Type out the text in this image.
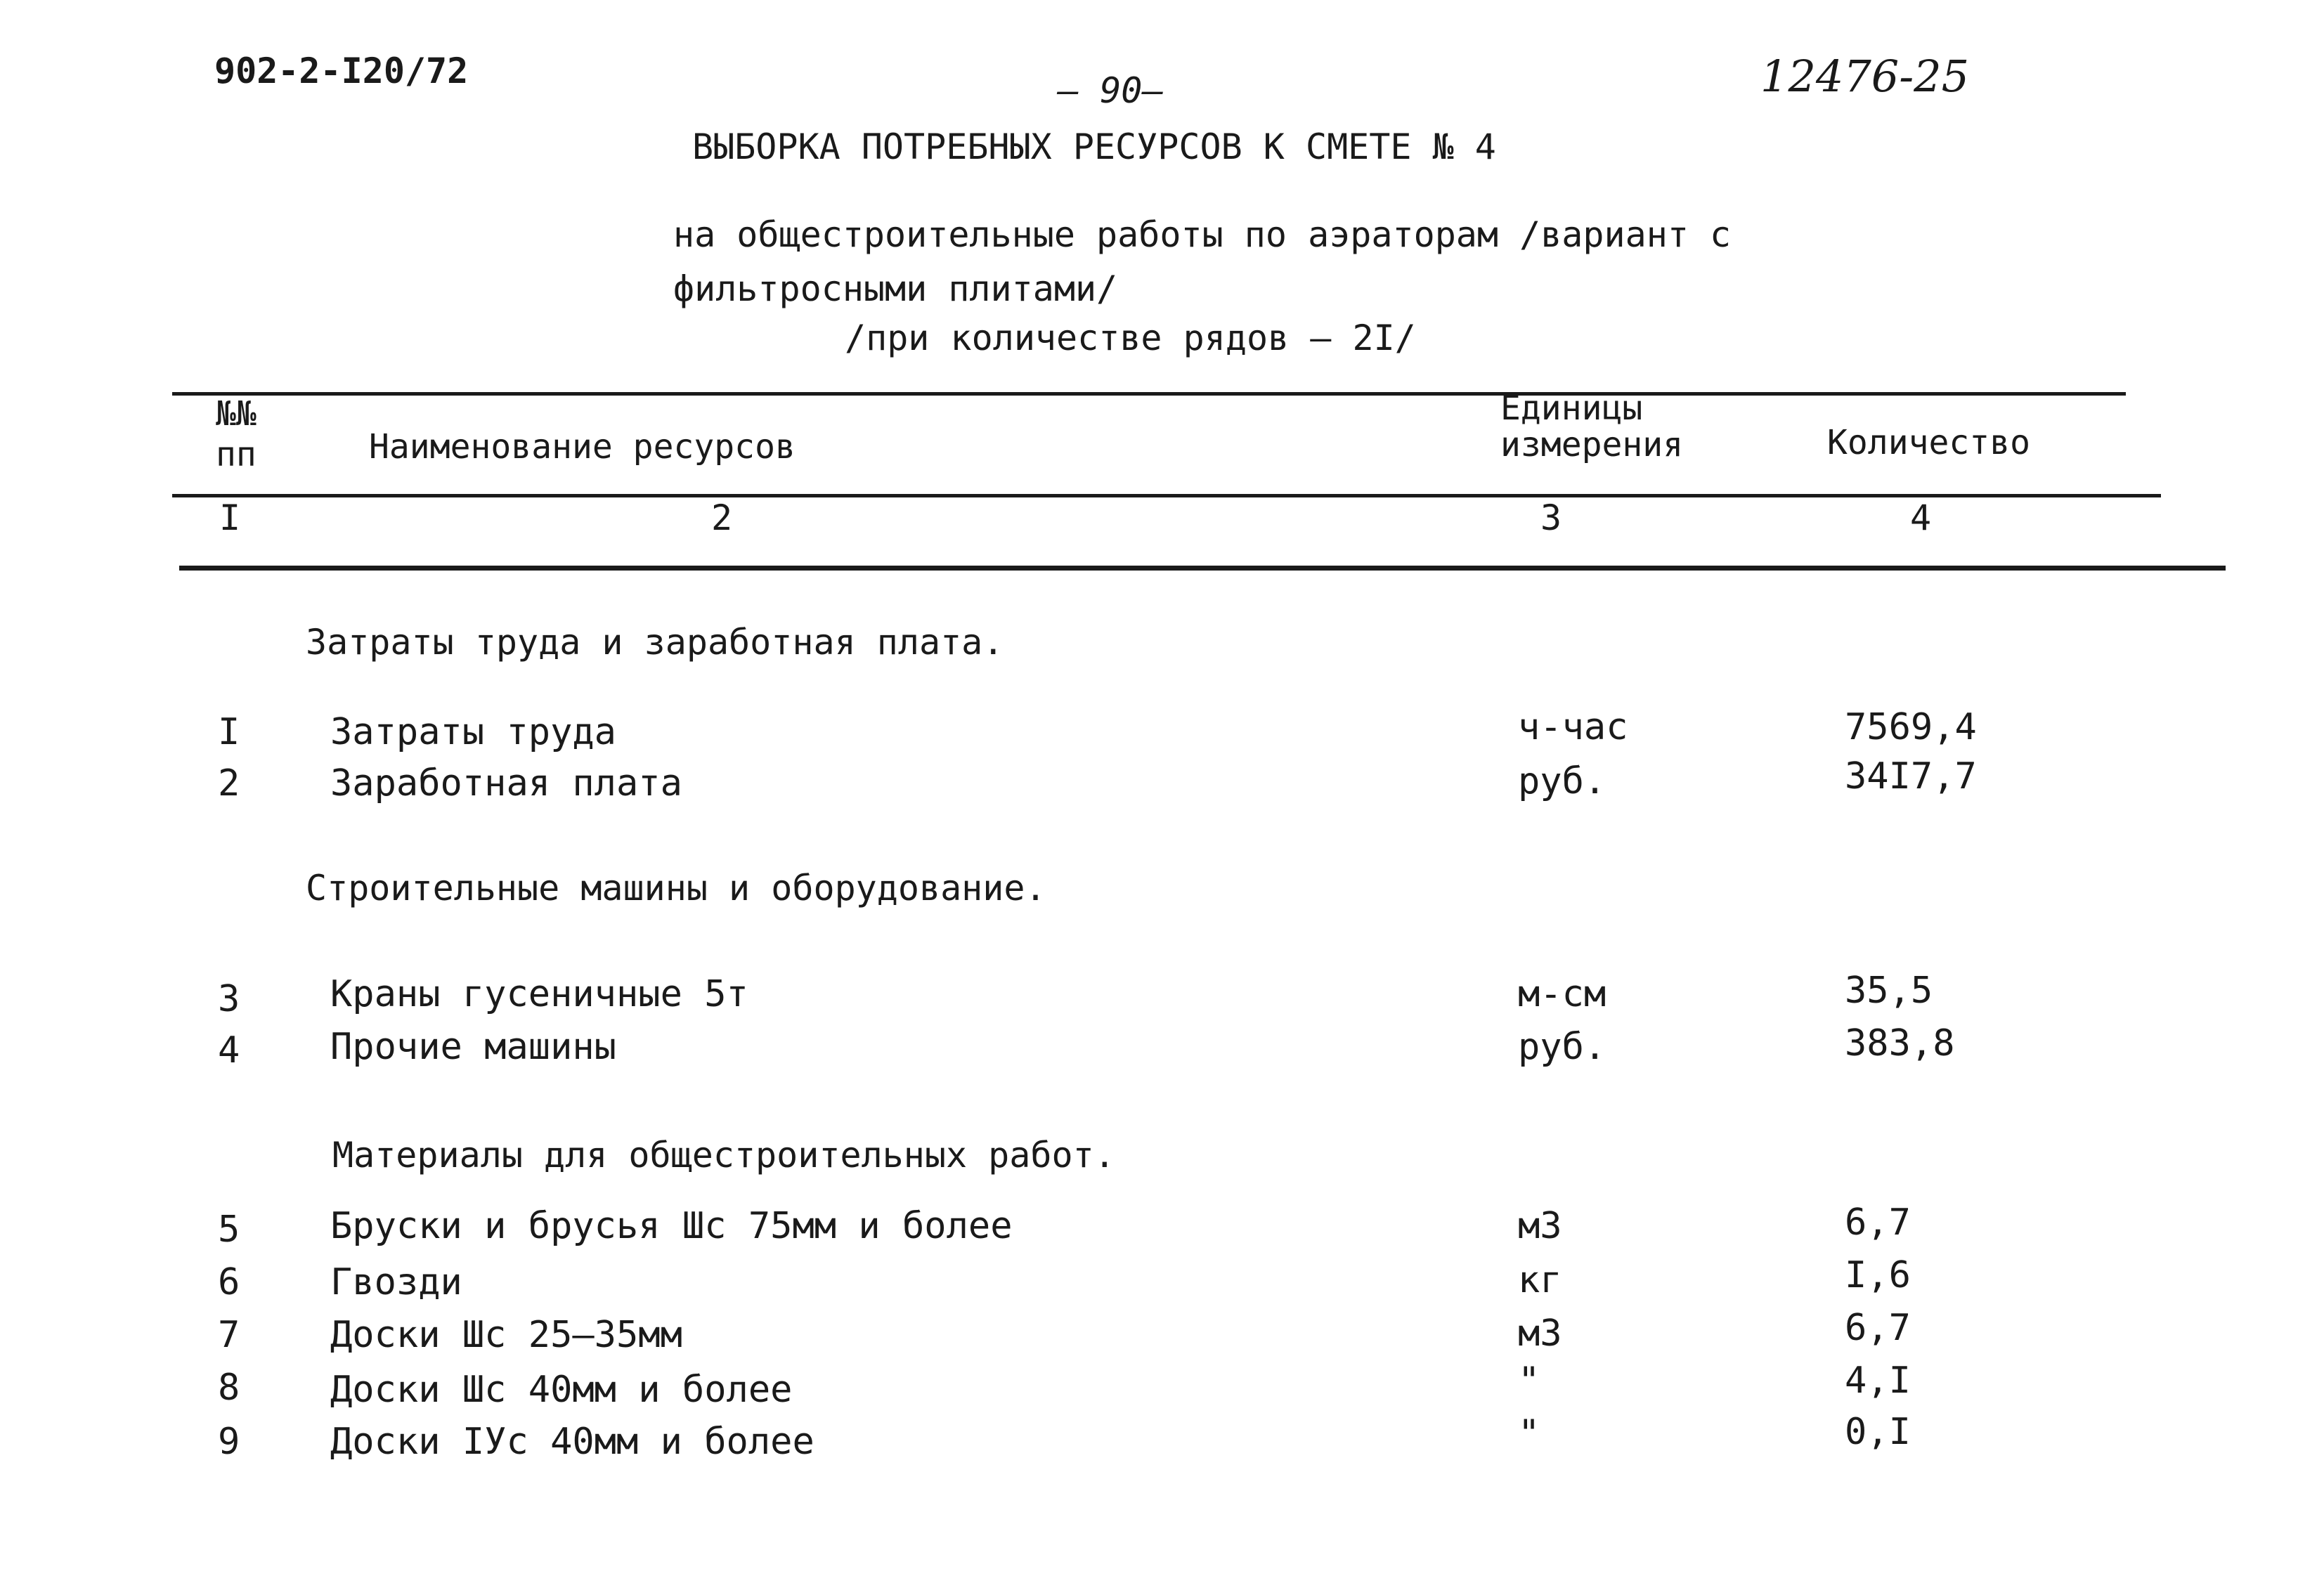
902-2-I20/72	– 90–	12476-25
ВЫБОРКА ПОТРЕБНЫХ РЕСУРСОВ К СМЕТЕ № 4
на общестроительные работы по аэраторам /вариант с
фильтросными плитами/
/при количестве рядов – 2I/
№№
пп	Наименование ресурсов
Единицы
измерения	Количество
I	2	3	4
Затраты труда и заработная плата.
I Затраты труда	ч-час	7569,4
2 Заработная плата	руб.	34I7,7
Строительные машины и оборудование.
3 Краны гусеничные 5т	м-см	35,5
4 Прочие машины	руб.	383,8
Материалы для общестроительных работ.
5 Бруски и брусья Шс 75мм и более	м3	6,7
6 Гвозди	кг	I,6
7 Доски Шс 25–35мм	м3	6,7
8 Доски Шс 40мм и более	"	4,I
9 Доски IУс 40мм и более	"	0,I
